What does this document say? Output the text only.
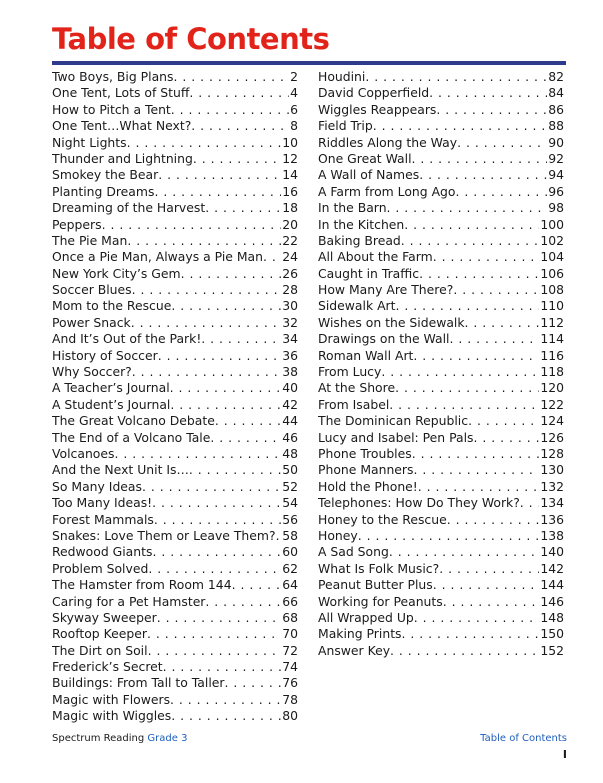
Table of Contents
Two Boys, Big Plans . . .	2
One Tent, Lots of Stuff . . .	4
How to Pitch a Tent . . .	6
One Tent…What Next? . . .	8
Night Lights . . .	10
Thunder and Lightning . . .	12
Smokey the Bear . . .	14
Planting Dreams . . .	16
Dreaming of the Harvest . . .	18
Peppers . . .	20
The Pie Man . . .	22
Once a Pie Man, Always a Pie Man . . . 24
New York City’s Gem . . .	26
Soccer Blues . . .	28
Mom to the Rescue . . .	30
Power Snack . . .	32
And It’s Out of the Park! . . .	34
History of Soccer . . .	36
Why Soccer? . . .	38
A Teacher’s Journal . . .	40
A Student’s Journal . . .	42
The Great Volcano Debate . . .	44
The End of a Volcano Tale . . .	46
Volcanoes . . .	48
And the Next Unit Is… . . .	50
So Many Ideas . . .	52
Too Many Ideas! . . .	54
Forest Mammals . . .	56
Snakes: Love Them or Leave Them? . . . 58
Redwood Giants . . .	60
Problem Solved . . .	62
The Hamster from Room 144 . . .	64
Caring for a Pet Hamster . . .	66
Skyway Sweeper . . .	68
Rooftop Keeper . . .	70
The Dirt on Soil . . .	72
Frederick’s Secret . . .	74
Buildings: From Tall to Taller . . .	76
Magic with Flowers . . .	78
Magic with Wiggles . . .	80
Houdini . . .	82
David Copperfield . . .	84
Wiggles Reappears . . .	86
Field Trip . . .	88
Riddles Along the Way . . .	90
One Great Wall . . .	92
A Wall of Names . . .	94
A Farm from Long Ago . . .	96
In the Barn . . .	98
In the Kitchen . . .	100
Baking Bread . . .	102
All About the Farm . . .	104
Caught in Traffic . . .	106
How Many Are There? . . .	108
Sidewalk Art . . .	110
Wishes on the Sidewalk . . .	112
Drawings on the Wall . . .	114
Roman Wall Art . . .	116
From Lucy . . .	118
At the Shore . . .	120
From Isabel . . .	122
The Dominican Republic . . .	124
Lucy and Isabel: Pen Pals . . .	126
Phone Troubles . . .	128
Phone Manners . . .	130
Hold the Phone! . . .	132
Telephones: How Do They Work? . . . 134
Honey to the Rescue . . .	136
Honey . . .	138
A Sad Song . . .	140
What Is Folk Music? . . .	142
Peanut Butter Plus . . .	144
Working for Peanuts . . .	146
All Wrapped Up . . .	148
Making Prints . . .	150
Answer Key . . .	152
Spectrum Reading Grade 3	Table of Contents
I
